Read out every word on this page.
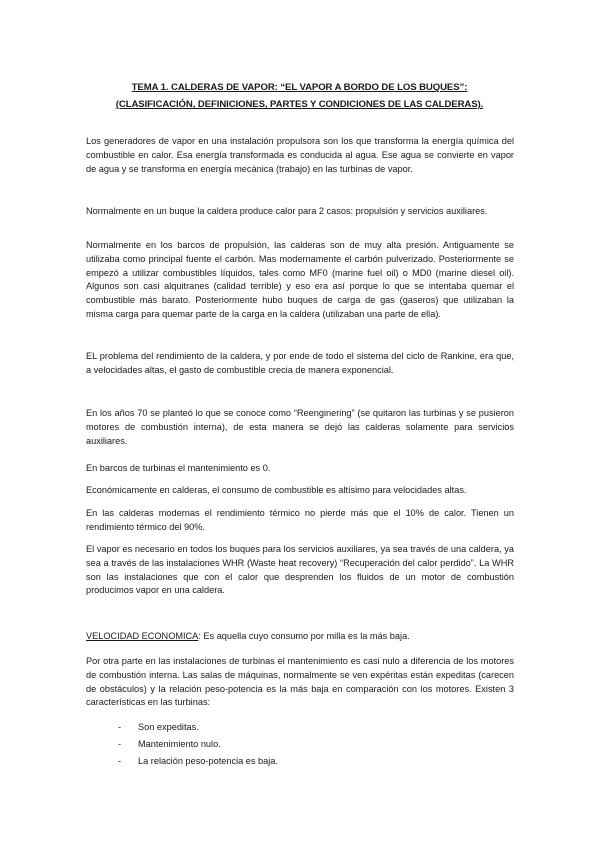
TEMA 1. CALDERAS DE VAPOR: “EL VAPOR A BORDO DE LOS BUQUES”:
(CLASIFICACIÓN, DEFINICIONES, PARTES Y CONDICIONES DE LAS CALDERAS).

Los generadores de vapor en una instalación propulsora son los que transforma la energía química del combustible en calor. Esa energía transformada es conducida al agua. Ese agua se convierte en vapor de agua y se transforma en energía mecánica (trabajo) en las turbinas de vapor.

Normalmente en un buque la caldera produce calor para 2 casos: propulsión y servicios auxiliares.

Normalmente en los barcos de propulsión, las calderas son de muy alta presión. Antiguamente se utilizaba como principal fuente el carbón. Mas modernamente el carbón pulverizado. Posteriormente se empezó a utilizar combustibles líquidos, tales como MF0 (marine fuel oil) o MD0 (marine diesel oil). Algunos son casi alquitranes (calidad terrible) y eso era así porque lo que se intentaba quemar el combustible más barato. Posteriormente hubo buques de carga de gas (gaseros) que utilizaban la misma carga para quemar parte de la carga en la caldera (utilizaban una parte de ella).

EL problema del rendimiento de la caldera, y por ende de todo el sistema del ciclo de Rankine, era que, a velocidades altas, el gasto de combustible crecia de manera exponencial.

En los años 70 se planteó lo que se conoce como “Reenginering” (se quitaron las turbinas y se pusieron motores de combustión interna), de esta manera se dejó las calderas solamente para servicios auxiliares.

En barcos de turbinas el mantenimiento es 0.

Económicamente en calderas, el consumo de combustible es altísimo para velocidades altas.

En las calderas modernas el rendimiento térmico no pierde más que el 10% de calor. Tienen un rendimiento térmico del 90%.

El vapor es necesario en todos los buques para los servicios auxiliares, ya sea través de una caldera, ya sea a través de las instalaciones WHR (Waste heat recovery) “Recuperación del calor perdido”. La WHR son las instalaciones que con el calor que desprenden los fluidos de un motor de combustión producimos vapor en una caldera.

VELOCIDAD ECONOMICA: Es aquella cuyo consumo por milla es la más baja.

Por otra parte en las instalaciones de turbinas el mantenimiento es casi nulo a diferencia de los motores de combustión interna. Las salas de máquinas, normalmente se ven expéritas están expeditas (carecen de obstáculos) y la relación peso-potencia es la más baja en comparación con los motores. Existen 3 características en las turbinas:

- Son expeditas.
- Mantenimiento nulo.
- La relación peso-potencia es baja.
